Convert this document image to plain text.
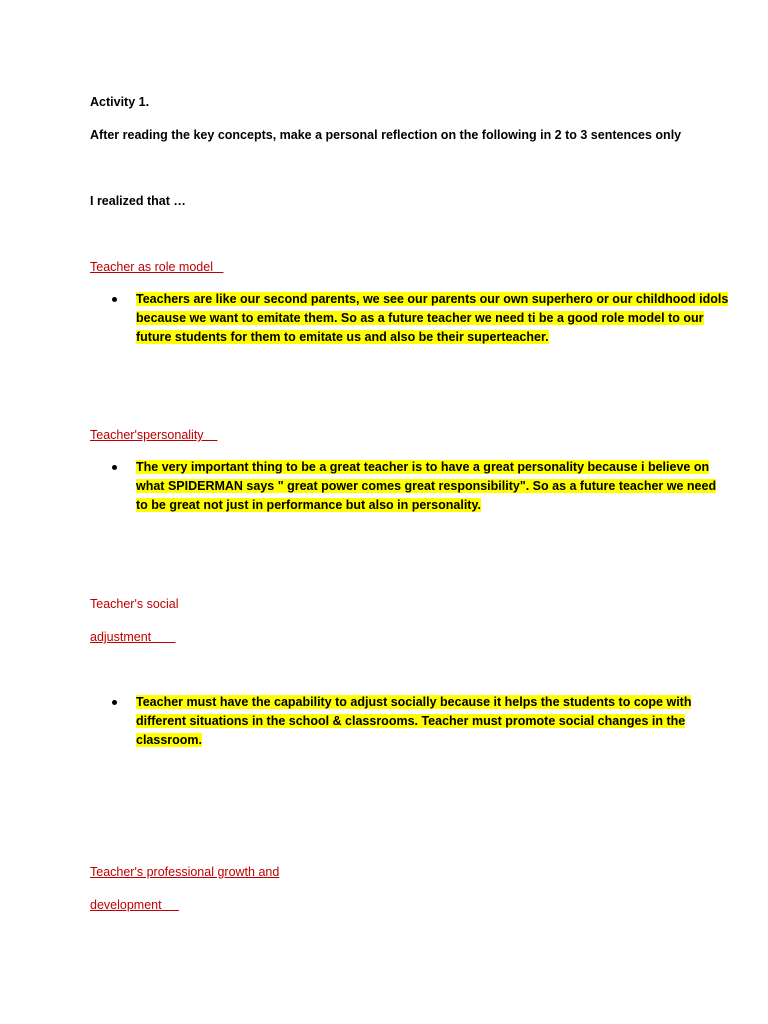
Activity 1.
After reading the key concepts, make a personal reflection on the following in 2 to 3 sentences only
I realized that …
Teacher as role model
Teachers are like our second parents, we see our parents our own superhero or our childhood idols
because we want to emitate them. So as a future teacher we need ti be a good role model to our
future students for them to emitate us and also be their superteacher.
Teacher'spersonality
The very important thing to be a great teacher is to have a great personality because i believe on
what SPIDERMAN says " great power comes great responsibility". So as a future teacher we need
to be great not just in performance but also in personality.
Teacher's social
adjustment
Teacher must have the capability to adjust socially because it helps the students to cope with
different situations in the school & classrooms. Teacher must promote social changes in the
classroom.
Teacher's professional growth and
development
